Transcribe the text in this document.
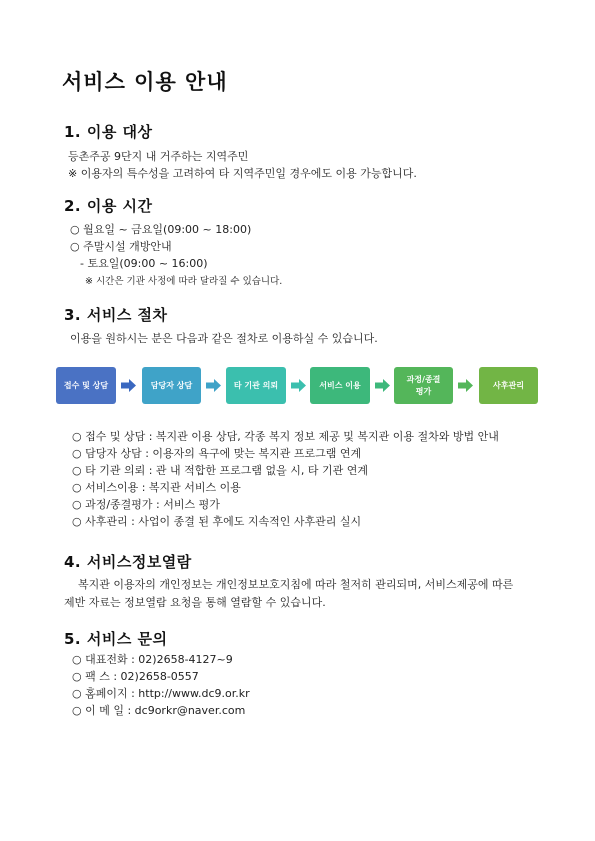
서비스 이용 안내
1. 이용 대상
등촌주공 9단지 내 거주하는 지역주민
※ 이용자의 특수성을 고려하여 타 지역주민일 경우에도 이용 가능합니다.
2. 이용 시간
○ 월요일 ~ 금요일(09:00 ~ 18:00)
○ 주말시설 개방안내
- 토요일(09:00 ~ 16:00)
※ 시간은 기관 사정에 따라 달라질 수 있습니다.
3. 서비스 절차
이용을 원하시는 분은 다음과 같은 절차로 이용하실 수 있습니다.
접수 및 상담	담당자 상담	타 기관 의뢰	서비스 이용
과정/종결
평가
사후관리
○ 접수 및 상담 : 복지관 이용 상담, 각종 복지 정보 제공 및 복지관 이용 절차와 방법 안내
○ 담당자 상담 : 이용자의 욕구에 맞는 복지관 프로그램 연계
○ 타 기관 의뢰 : 관 내 적합한 프로그램 없을 시, 타 기관 연계
○ 서비스이용 : 복지관 서비스 이용
○ 과정/종결평가 : 서비스 평가
○ 사후관리 : 사업이 종결 된 후에도 지속적인 사후관리 실시
4. 서비스정보열람
복지관 이용자의 개인정보는 개인정보보호지침에 따라 철저히 관리되며, 서비스제공에 따른
제반 자료는 정보열람 요청을 통해 열람할 수 있습니다.
5. 서비스 문의
○ 대표전화 : 02)2658-4127~9
○ 팩 스 : 02)2658-0557
○ 홈페이지 : http://www.dc9.or.kr
○ 이 메 일 : dc9orkr@naver.com
